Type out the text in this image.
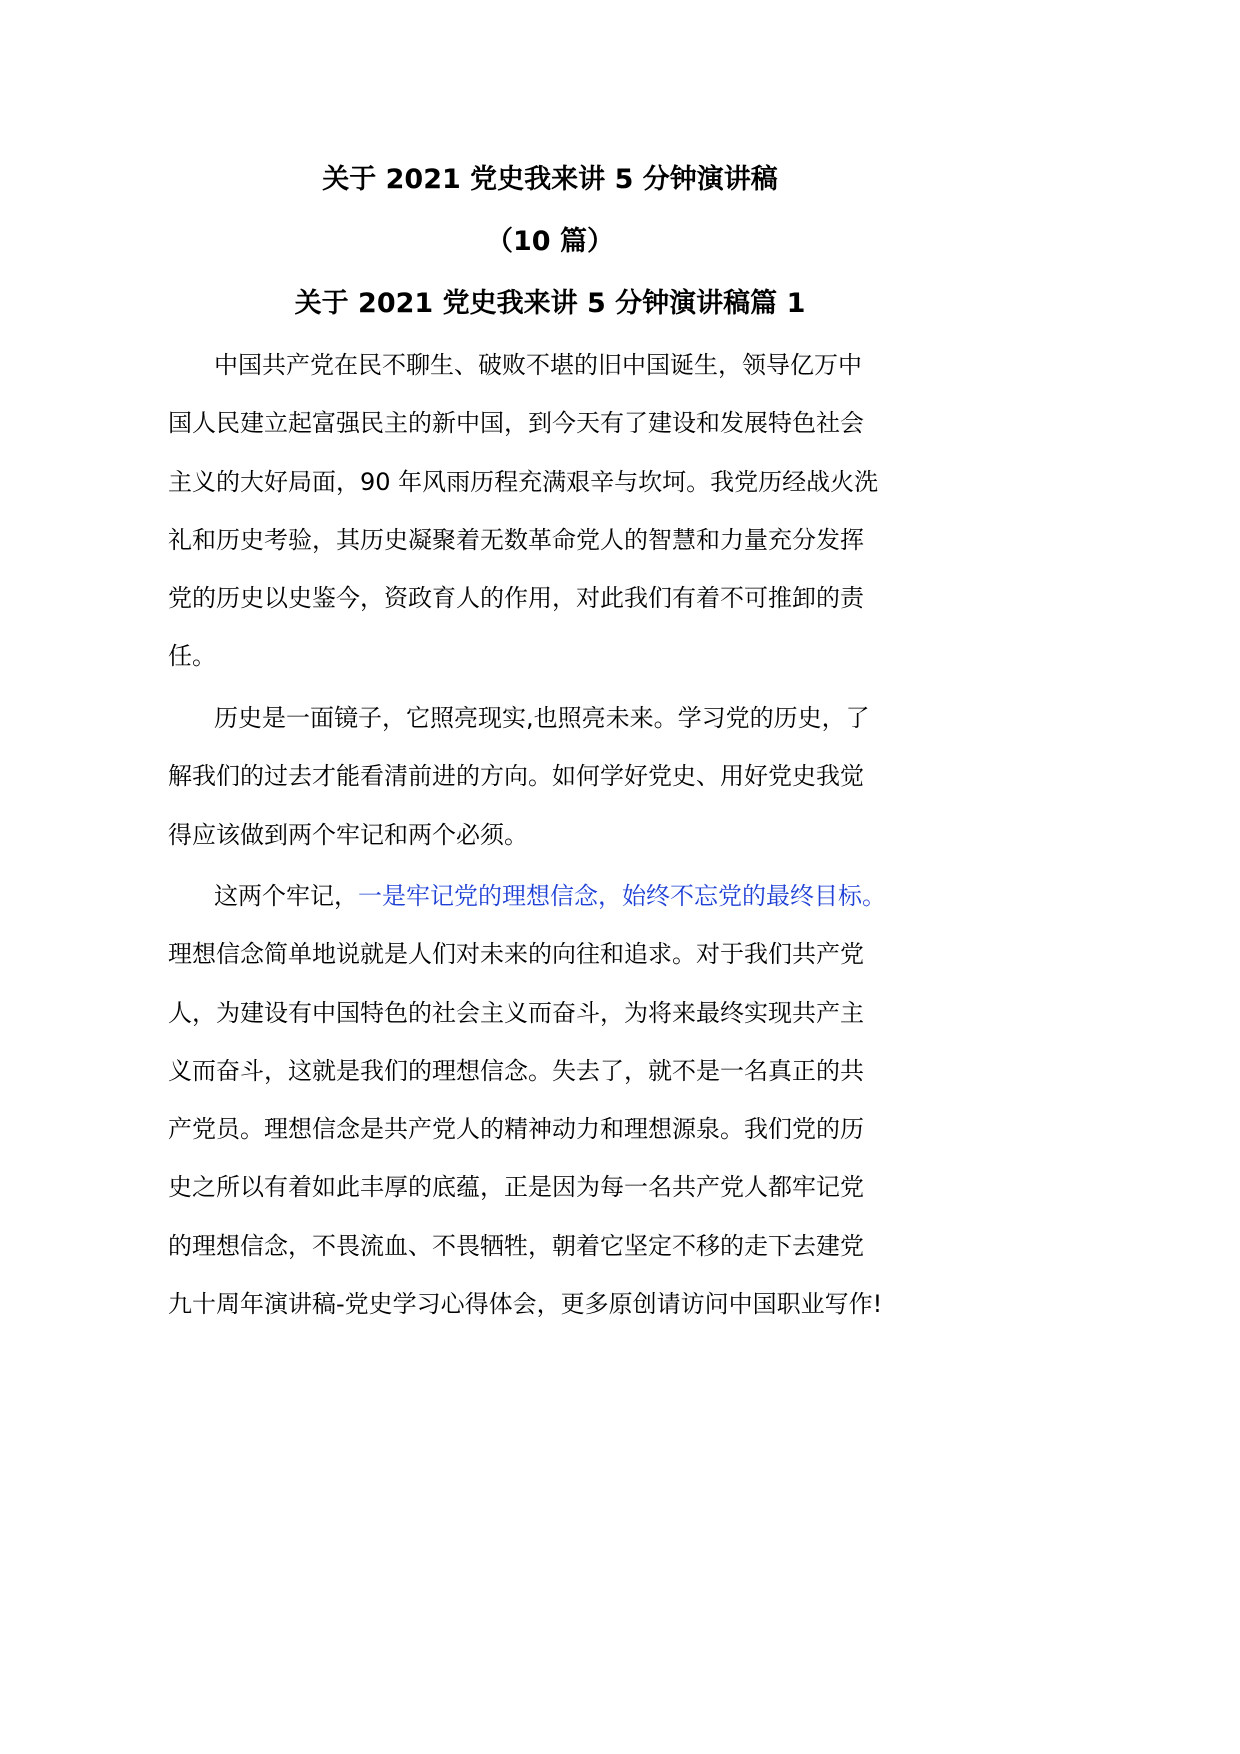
关于 2021 党史我来讲 5 分钟演讲稿
（10 篇）
关于 2021 党史我来讲 5 分钟演讲稿篇 1
中国共产党在民不聊生、破败不堪的旧中国诞生，领导亿万中
国人民建立起富强民主的新中国，到今天有了建设和发展特色社会
主义的大好局面，90 年风雨历程充满艰辛与坎坷。我党历经战火洗
礼和历史考验，其历史凝聚着无数革命党人的智慧和力量充分发挥
党的历史以史鉴今，资政育人的作用，对此我们有着不可推卸的责
任。
历史是一面镜子，它照亮现实,也照亮未来。学习党的历史，了
解我们的过去才能看清前进的方向。如何学好党史、用好党史我觉
得应该做到两个牢记和两个必须。
这两个牢记，一是牢记党的理想信念，始终不忘党的最终目标。
理想信念简单地说就是人们对未来的向往和追求。对于我们共产党
人，为建设有中国特色的社会主义而奋斗，为将来最终实现共产主
义而奋斗，这就是我们的理想信念。失去了，就不是一名真正的共
产党员。理想信念是共产党人的精神动力和理想源泉。我们党的历
史之所以有着如此丰厚的底蕴，正是因为每一名共产党人都牢记党
的理想信念，不畏流血、不畏牺牲，朝着它坚定不移的走下去建党
九十周年演讲稿-党史学习心得体会，更多原创请访问中国职业写作!
